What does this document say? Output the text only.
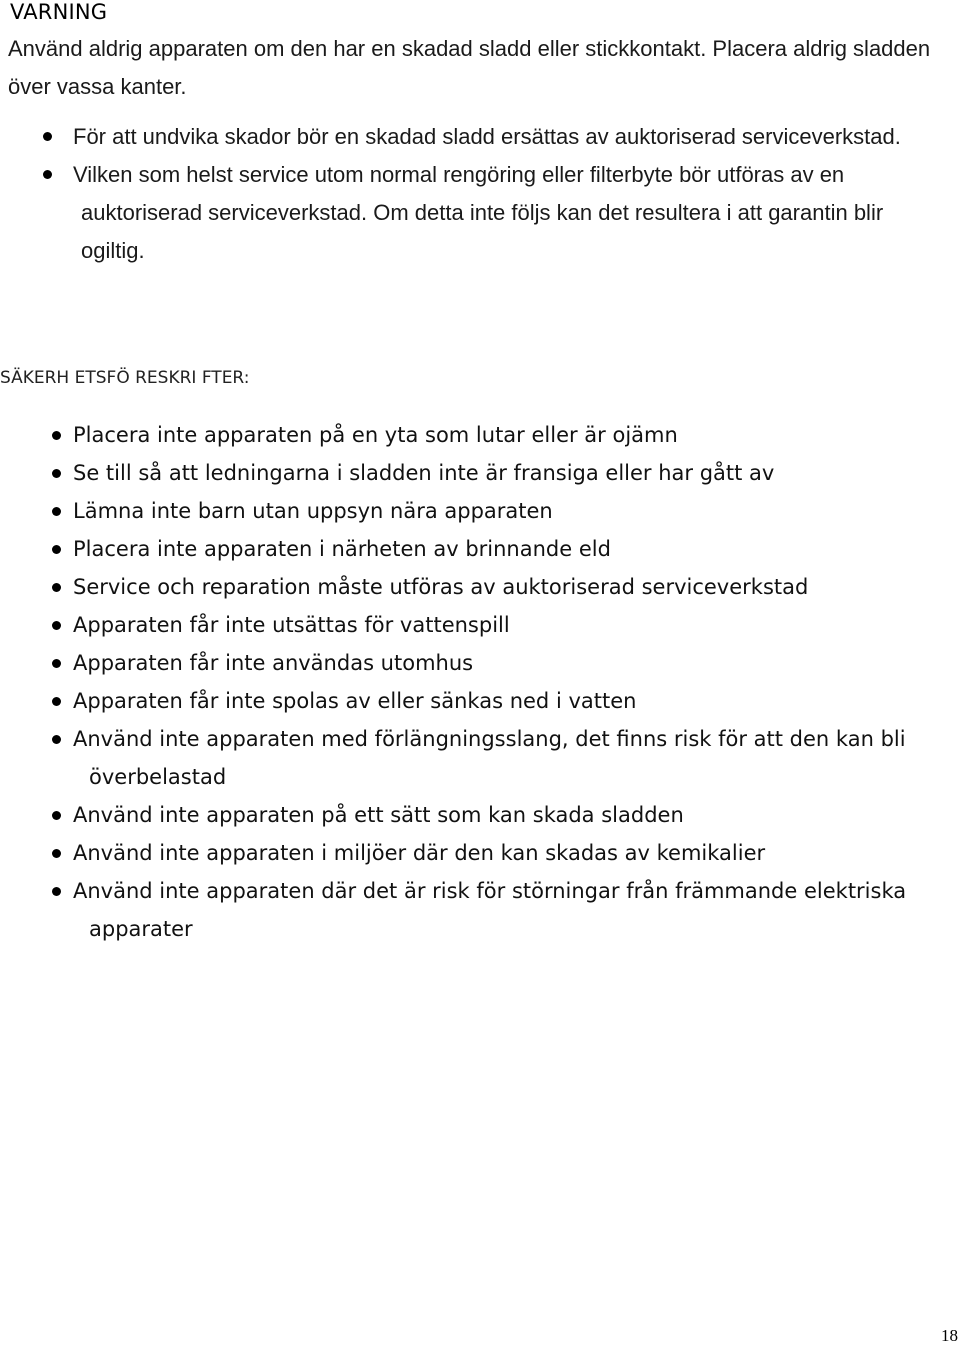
VARNING
Använd aldrig apparaten om den har en skadad sladd eller stickkontakt. Placera aldrig sladden över vassa kanter.
För att undvika skador bör en skadad sladd ersättas av auktoriserad serviceverkstad.
Vilken som helst service utom normal rengöring eller filterbyte bör utföras av en auktoriserad serviceverkstad. Om detta inte följs kan det resultera i att garantin blir ogiltig.
SÄKERH ETSFÖ RESKRI FTER:
Placera inte apparaten på en yta som lutar eller är ojämn
Se till så att ledningarna i sladden inte är fransiga eller har gått av
Lämna inte barn utan uppsyn nära apparaten
Placera inte apparaten i närheten av brinnande eld
Service och reparation måste utföras av auktoriserad serviceverkstad
Apparaten får inte utsättas för vattenspill
Apparaten får inte användas utomhus
Apparaten får inte spolas av eller sänkas ned i vatten
Använd inte apparaten med förlängningsslang, det finns risk för att den kan bli överbelastad
Använd inte apparaten på ett sätt som kan skada sladden
Använd inte apparaten i miljöer där den kan skadas av kemikalier
Använd inte apparaten där det är risk för störningar från främmande elektriska apparater
18
